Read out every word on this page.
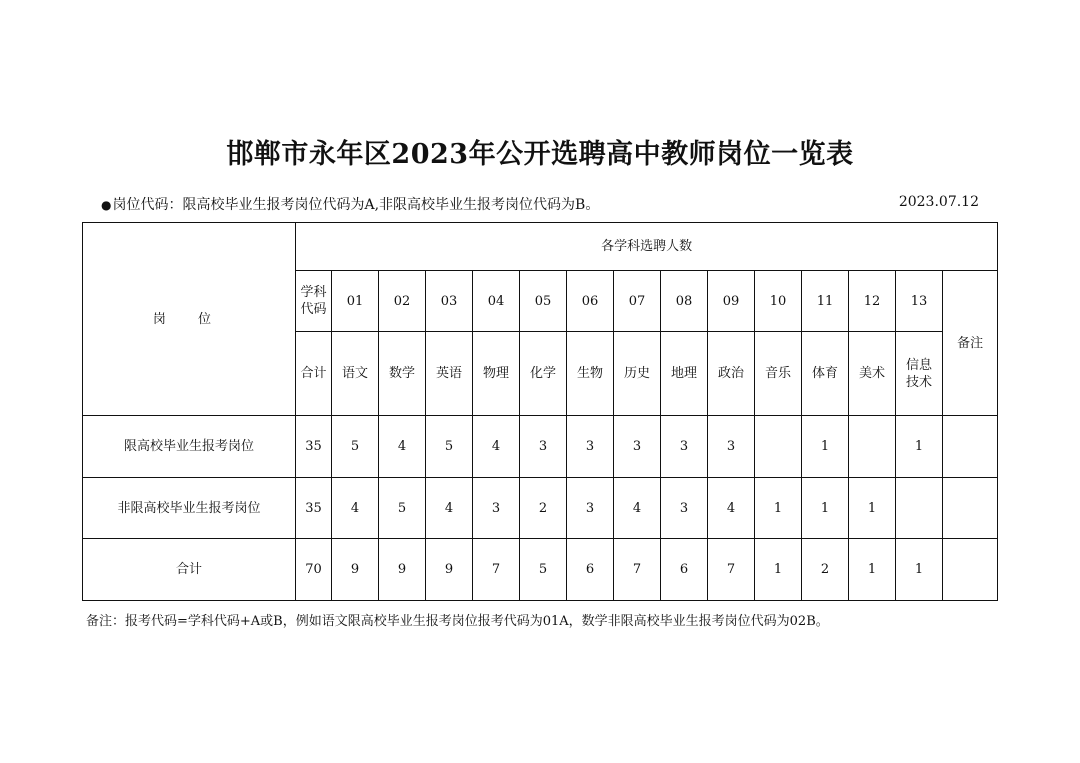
邯郸市永年区2023年公开选聘高中教师岗位一览表
●岗位代码：限高校毕业生报考岗位代码为A,非限高校毕业生报考岗位代码为B。	2023.07.12
岗 位	各学科选聘人数														
	学科代码	01	02	03	04	05	06	07	08	09	10	11	12	13	备注
	合计	语文	数学	英语	物理	化学	生物	历史	地理	政治	音乐	体育	美术	信息技术	
限高校毕业生报考岗位	35	5	4	5	4	3	3	3	3	3		1		1	
非限高校毕业生报考岗位	35	4	5	4	3	2	3	4	3	4	1	1	1		
合计	70	9	9	9	7	5	6	7	6	7	1	2	1	1	
备注：报考代码=学科代码+A或B，例如语文限高校毕业生报考岗位报考代码为01A，数学非限高校毕业生报考岗位代码为02B。
